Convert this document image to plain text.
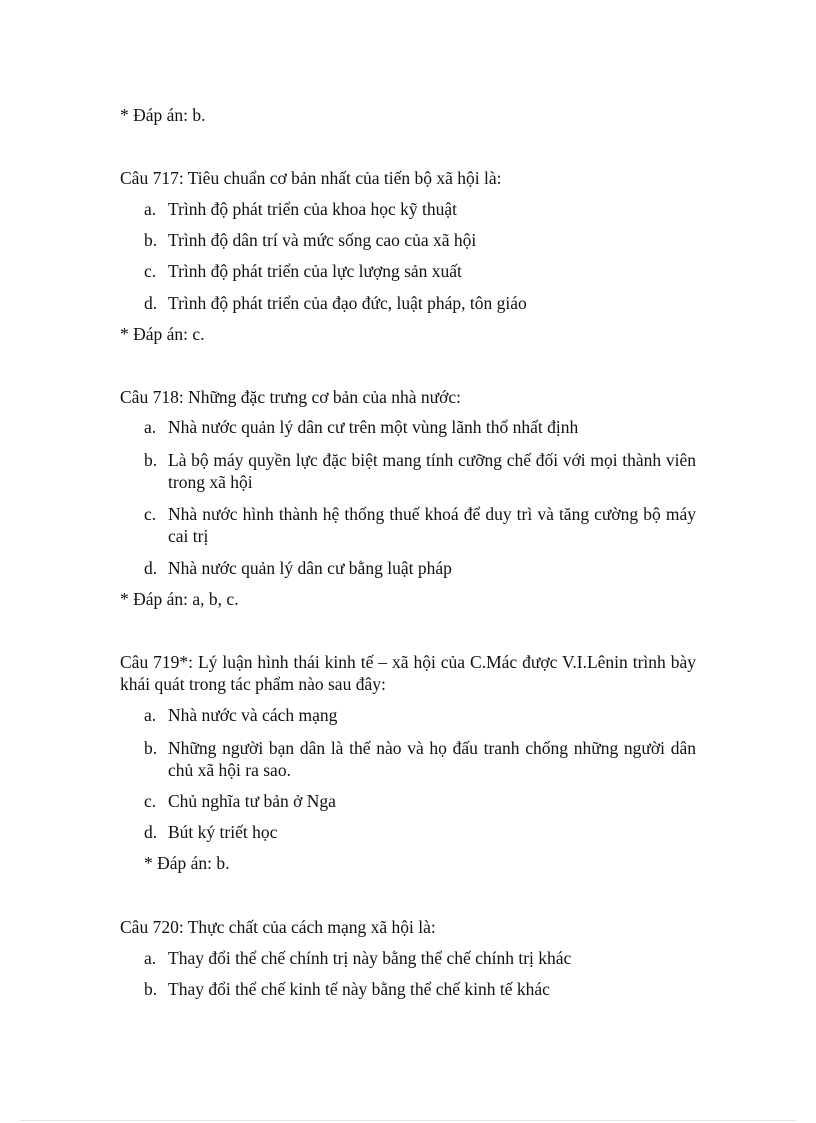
* Đáp án: b.
Câu 717: Tiêu chuẩn cơ bản nhất của tiến bộ xã hội là:
a. Trình độ phát triển của khoa học kỹ thuật
b. Trình độ dân trí và mức sống cao của xã hội
c. Trình độ phát triển của lực lượng sản xuất
d. Trình độ phát triển của đạo đức, luật pháp, tôn giáo
* Đáp án: c.
Câu 718: Những đặc trưng cơ bản của nhà nước:
a. Nhà nước quản lý dân cư trên một vùng lãnh thổ nhất định
b. Là bộ máy quyền lực đặc biệt mang tính cưỡng chế đối với mọi thành viên trong xã hội
c. Nhà nước hình thành hệ thống thuế khoá để duy trì và tăng cường bộ máy cai trị
d. Nhà nước quản lý dân cư bằng luật pháp
* Đáp án: a, b, c.
Câu 719*: Lý luận hình thái kinh tế – xã hội của C.Mác được V.I.Lênin trình bày khái quát trong tác phẩm nào sau đây:
a. Nhà nước và cách mạng
b. Những người bạn dân là thế nào và họ đấu tranh chống những người dân chủ xã hội ra sao.
c. Chủ nghĩa tư bản ở Nga
d. Bút ký triết học
* Đáp án: b.
Câu 720: Thực chất của cách mạng xã hội là:
a. Thay đổi thể chế chính trị này bằng thể chế chính trị khác
b. Thay đổi thể chế kinh tế này bằng thể chế kinh tế khác
